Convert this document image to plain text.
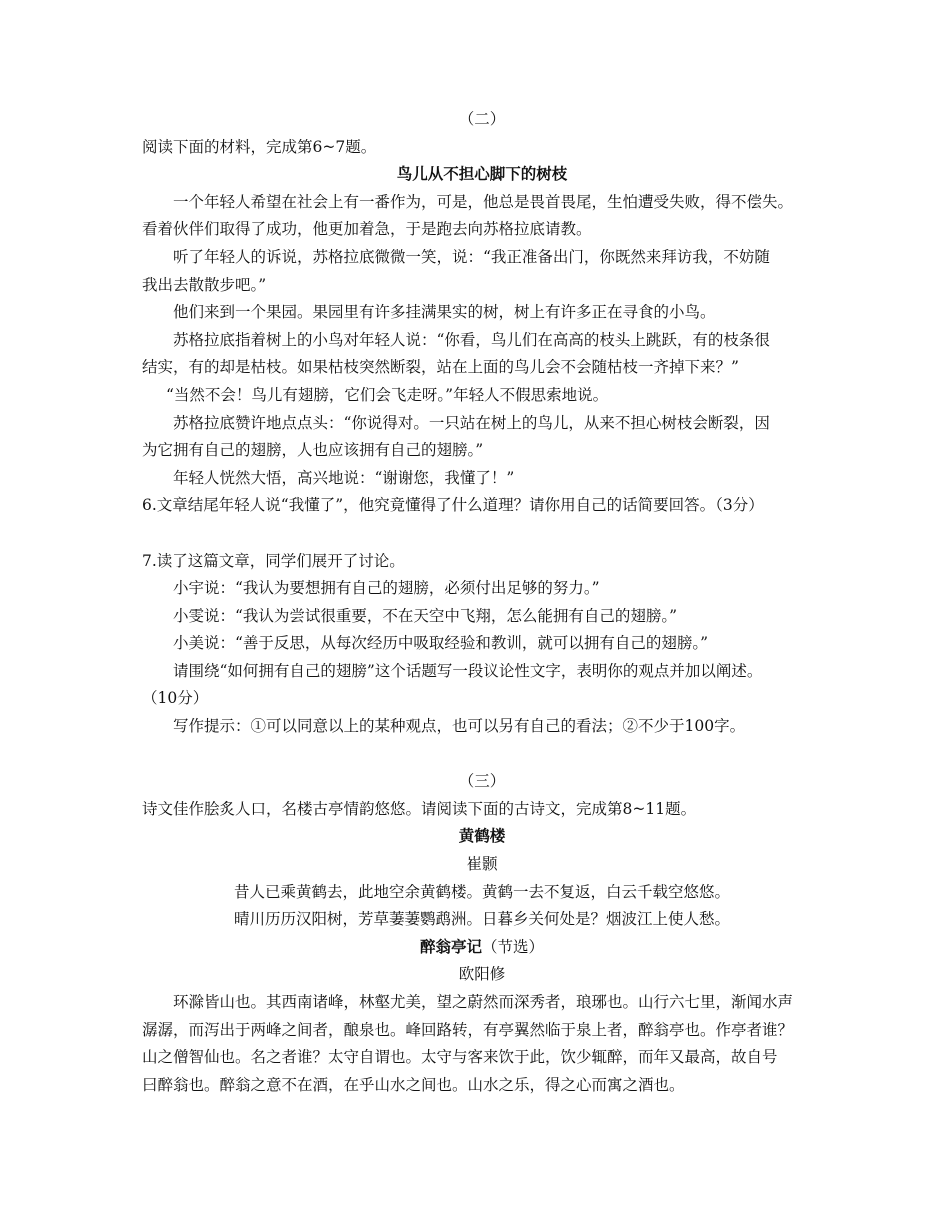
（二）
阅读下面的材料，完成第6~7题。
鸟儿从不担心脚下的树枝
一个年轻人希望在社会上有一番作为，可是，他总是畏首畏尾，生怕遭受失败，得不偿失。
看着伙伴们取得了成功，他更加着急，于是跑去向苏格拉底请教。
听了年轻人的诉说，苏格拉底微微一笑，说：“我正准备出门，你既然来拜访我，不妨随
我出去散散步吧。”
他们来到一个果园。果园里有许多挂满果实的树，树上有许多正在寻食的小鸟。
苏格拉底指着树上的小鸟对年轻人说：“你看，鸟儿们在高高的枝头上跳跃，有的枝条很
结实，有的却是枯枝。如果枯枝突然断裂，站在上面的鸟儿会不会随枯枝一齐掉下来？”
“当然不会！鸟儿有翅膀，它们会飞走呀。”年轻人不假思索地说。
苏格拉底赞许地点点头：“你说得对。一只站在树上的鸟儿，从来不担心树枝会断裂，因
为它拥有自己的翅膀，人也应该拥有自己的翅膀。”
年轻人恍然大悟，高兴地说：“谢谢您，我懂了！”
6.文章结尾年轻人说“我懂了”，他究竟懂得了什么道理？请你用自己的话简要回答。（3分）
7.读了这篇文章，同学们展开了讨论。
小宇说：“我认为要想拥有自己的翅膀，必须付出足够的努力。”
小雯说：“我认为尝试很重要，不在天空中飞翔，怎么能拥有自己的翅膀。”
小美说：“善于反思，从每次经历中吸取经验和教训，就可以拥有自己的翅膀。”
请围绕“如何拥有自己的翅膀”这个话题写一段议论性文字，表明你的观点并加以阐述。
（10分）
写作提示：①可以同意以上的某种观点，也可以另有自己的看法；②不少于100字。
（三）
诗文佳作脍炙人口，名楼古亭情韵悠悠。请阅读下面的古诗文，完成第8~11题。
黄鹤楼
崔颢
昔人已乘黄鹤去，此地空余黄鹤楼。黄鹤一去不复返，白云千载空悠悠。
晴川历历汉阳树，芳草萋萋鹦鹉洲。日暮乡关何处是？烟波江上使人愁。
醉翁亭记（节选）
欧阳修
环滁皆山也。其西南诸峰，林壑尤美，望之蔚然而深秀者，琅琊也。山行六七里，渐闻水声
潺潺，而泻出于两峰之间者，酿泉也。峰回路转，有亭翼然临于泉上者，醉翁亭也。作亭者谁？
山之僧智仙也。名之者谁？太守自谓也。太守与客来饮于此，饮少辄醉，而年又最高，故自号
曰醉翁也。醉翁之意不在酒，在乎山水之间也。山水之乐，得之心而寓之酒也。
